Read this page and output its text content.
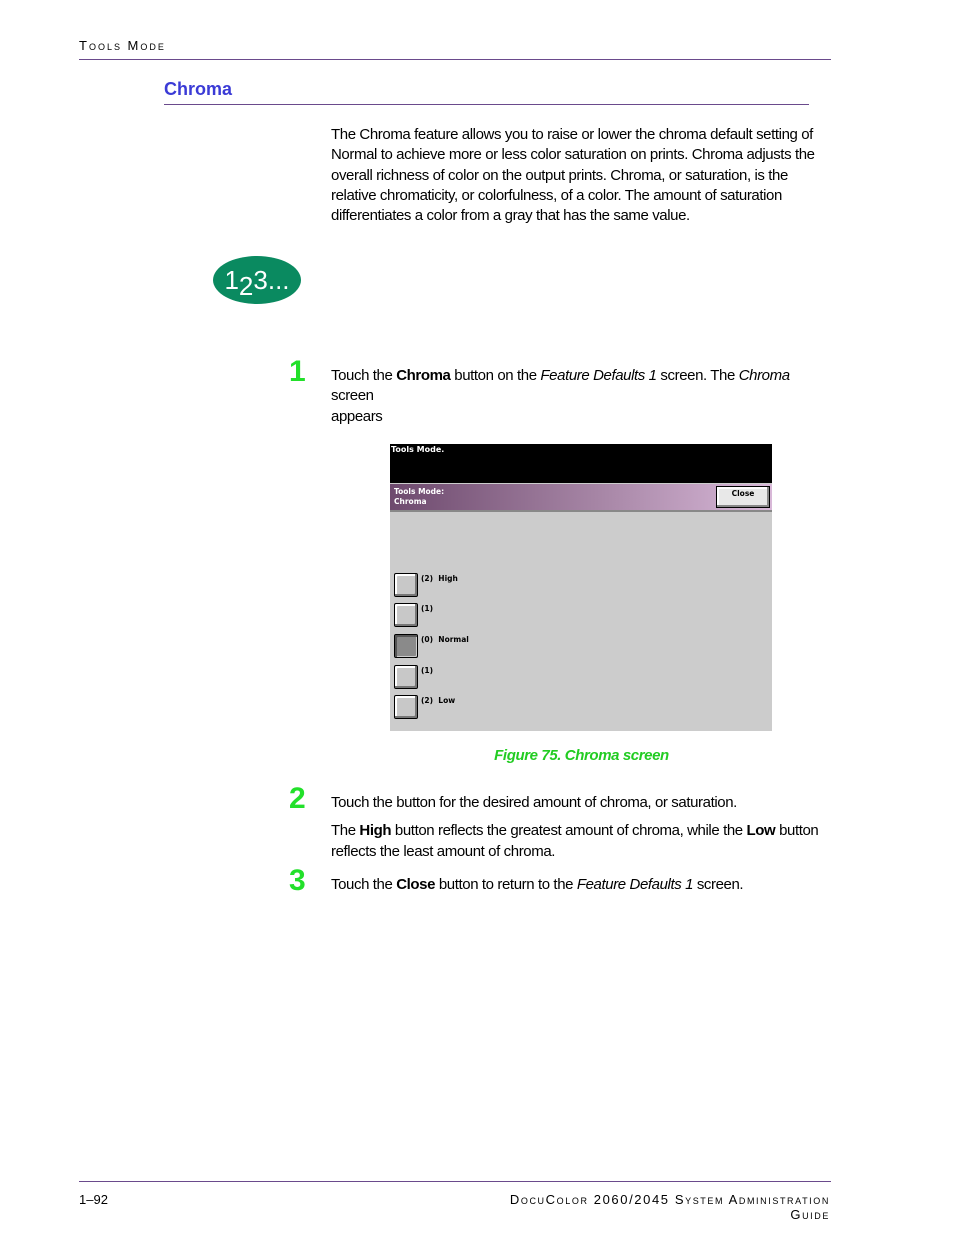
Tools Mode
Chroma
The Chroma feature allows you to raise or lower the chroma default setting of
Normal to achieve more or less color saturation on prints. Chroma adjusts the
overall richness of color on the output prints. Chroma, or saturation, is the
relative chromaticity, or colorfulness, of a color. The amount of saturation
differentiates a color from a gray that has the same value.
1 2 3...
1 Touch the Chroma button on the Feature Defaults 1 screen. The Chroma screen
appears
Tools Mode.
Tools Mode:
Chroma
Close
(2)  High
(1)
(0)  Normal
(1)
(2)  Low
Figure 75. Chroma screen
2 Touch the button for the desired amount of chroma, or saturation.
The High button reflects the greatest amount of chroma, while the Low button
reflects the least amount of chroma.
3 Touch the Close button to return to the Feature Defaults 1 screen.
1–92	DocuColor 2060/2045 System Administration Guide
